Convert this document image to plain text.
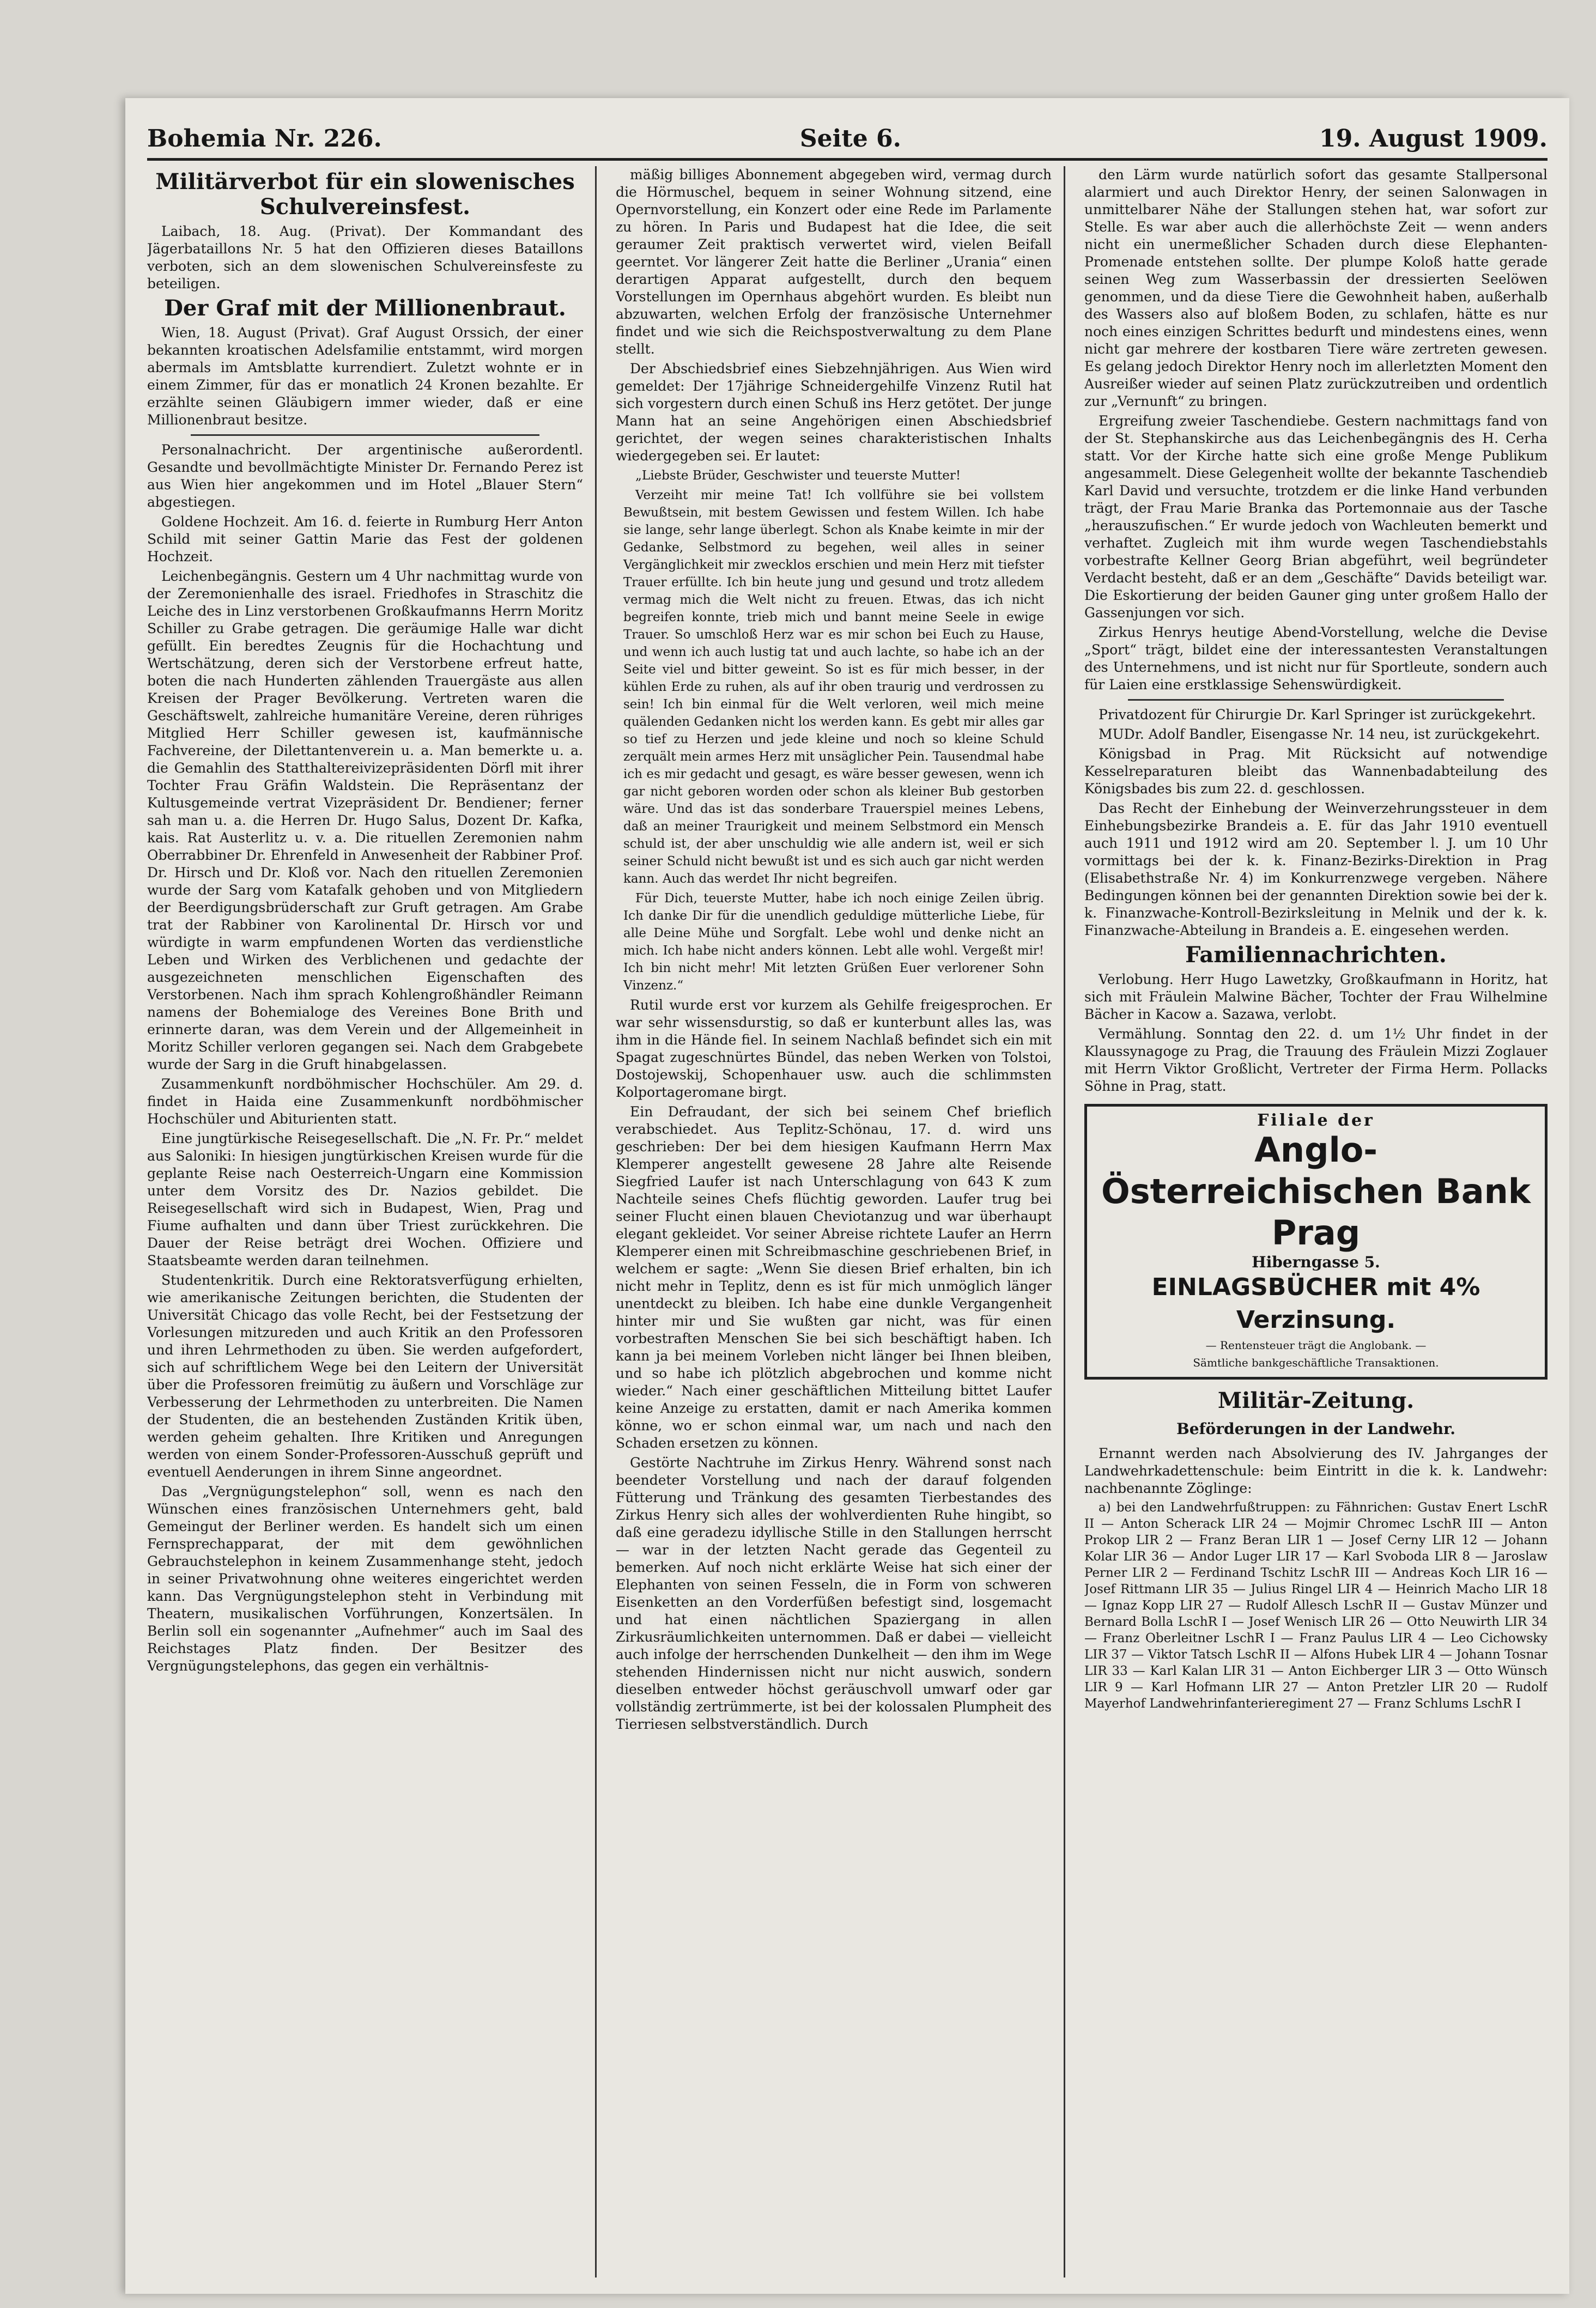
Bohemia Nr. 226.	Seite 6.	19. August 1909.
Militärverbot für ein slowenisches Schulvereinsfest.
Laibach, 18. Aug. (Privat). Der Kommandant des Jägerbataillons Nr. 5 hat den Offizieren dieses Bataillons verboten, sich an dem slowenischen Schulvereinsfeste zu beteiligen.
Der Graf mit der Millionenbraut.
Wien, 18. August (Privat). Graf August Orssich, der einer bekannten kroatischen Adelsfamilie entstammt, wird morgen abermals im Amtsblatte kurrendiert. Zuletzt wohnte er in einem Zimmer, für das er monatlich 24 Kronen bezahlte. Er erzählte seinen Gläubigern immer wieder, daß er eine Millionenbraut besitze.
Personalnachricht. Der argentinische außerordentl. Gesandte und bevollmächtigte Minister Dr. Fernando Perez ist aus Wien hier angekommen und im Hotel „Blauer Stern“ abgestiegen.
Goldene Hochzeit. Am 16. d. feierte in Rumburg Herr Anton Schild mit seiner Gattin Marie das Fest der goldenen Hochzeit.
Leichenbegängnis. Gestern um 4 Uhr nachmittag wurde von der Zeremonienhalle des israel. Friedhofes in Straschitz die Leiche des in Linz verstorbenen Großkaufmanns Herrn Moritz Schiller zu Grabe getragen. Die geräumige Halle war dicht gefüllt. Ein beredtes Zeugnis für die Hochachtung und Wertschätzung, deren sich der Verstorbene erfreut hatte, boten die nach Hunderten zählenden Trauergäste aus allen Kreisen der Prager Bevölkerung. Vertreten waren die Geschäftswelt, zahlreiche humanitäre Vereine, deren rühriges Mitglied Herr Schiller gewesen ist, kaufmännische Fachvereine, der Dilettantenverein u. a. Man bemerkte u. a. die Gemahlin des Statthaltereivizepräsidenten Dörfl mit ihrer Tochter Frau Gräfin Waldstein. Die Repräsentanz der Kultusgemeinde vertrat Vizepräsident Dr. Bendiener; ferner sah man u. a. die Herren Dr. Hugo Salus, Dozent Dr. Kafka, kais. Rat Austerlitz u. v. a. Die rituellen Zeremonien nahm Oberrabbiner Dr. Ehrenfeld in Anwesenheit der Rabbiner Prof. Dr. Hirsch und Dr. Kloß vor. Nach den rituellen Zeremonien wurde der Sarg vom Katafalk gehoben und von Mitgliedern der Beerdigungsbrüderschaft zur Gruft getragen. Am Grabe trat der Rabbiner von Karolinental Dr. Hirsch vor und würdigte in warm empfundenen Worten das verdienstliche Leben und Wirken des Verblichenen und gedachte der ausgezeichneten menschlichen Eigenschaften des Verstorbenen. Nach ihm sprach Kohlengroßhändler Reimann namens der Bohemialoge des Vereines Bone Brith und erinnerte daran, was dem Verein und der Allgemeinheit in Moritz Schiller verloren gegangen sei. Nach dem Grabgebete wurde der Sarg in die Gruft hinabgelassen.
Zusammenkunft nordböhmischer Hochschüler. Am 29. d. findet in Haida eine Zusammenkunft nordböhmischer Hochschüler und Abiturienten statt.
Eine jungtürkische Reisegesellschaft. Die „N. Fr. Pr.“ meldet aus Saloniki: In hiesigen jungtürkischen Kreisen wurde für die geplante Reise nach Oesterreich-Ungarn eine Kommission unter dem Vorsitz des Dr. Nazios gebildet. Die Reisegesellschaft wird sich in Budapest, Wien, Prag und Fiume aufhalten und dann über Triest zurückkehren. Die Dauer der Reise beträgt drei Wochen. Offiziere und Staatsbeamte werden daran teilnehmen.
Studentenkritik. Durch eine Rektoratsverfügung erhielten, wie amerikanische Zeitungen berichten, die Studenten der Universität Chicago das volle Recht, bei der Festsetzung der Vorlesungen mitzureden und auch Kritik an den Professoren und ihren Lehrmethoden zu üben. Sie werden aufgefordert, sich auf schriftlichem Wege bei den Leitern der Universität über die Professoren freimütig zu äußern und Vorschläge zur Verbesserung der Lehrmethoden zu unterbreiten. Die Namen der Studenten, die an bestehenden Zuständen Kritik üben, werden geheim gehalten. Ihre Kritiken und Anregungen werden von einem Sonder-Professoren-Ausschuß geprüft und eventuell Aenderungen in ihrem Sinne angeordnet.
Das „Vergnügungstelephon“ soll, wenn es nach den Wünschen eines französischen Unternehmers geht, bald Gemeingut der Berliner werden. Es handelt sich um einen Fernsprechapparat, der mit dem gewöhnlichen Gebrauchstelephon in keinem Zusammenhange steht, jedoch in seiner Privatwohnung ohne weiteres eingerichtet werden kann. Das Vergnügungstelephon steht in Verbindung mit Theatern, musikalischen Vorführungen, Konzertsälen. In Berlin soll ein sogenannter „Aufnehmer“ auch im Saal des Reichstages Platz finden. Der Besitzer des Vergnügungstelephons, das gegen ein verhältnis-
mäßig billiges Abonnement abgegeben wird, vermag durch die Hörmuschel, bequem in seiner Wohnung sitzend, eine Opernvorstellung, ein Konzert oder eine Rede im Parlamente zu hören. In Paris und Budapest hat die Idee, die seit geraumer Zeit praktisch verwertet wird, vielen Beifall geerntet. Vor längerer Zeit hatte die Berliner „Urania“ einen derartigen Apparat aufgestellt, durch den bequem Vorstellungen im Opernhaus abgehört wurden. Es bleibt nun abzuwarten, welchen Erfolg der französische Unternehmer findet und wie sich die Reichspostverwaltung zu dem Plane stellt.
Der Abschiedsbrief eines Siebzehnjährigen. Aus Wien wird gemeldet: Der 17jährige Schneidergehilfe Vinzenz Rutil hat sich vorgestern durch einen Schuß ins Herz getötet. Der junge Mann hat an seine Angehörigen einen Abschiedsbrief gerichtet, der wegen seines charakteristischen Inhalts wiedergegeben sei. Er lautet:
„Liebste Brüder, Geschwister und teuerste Mutter!
Verzeiht mir meine Tat! Ich vollführe sie bei vollstem Bewußtsein, mit bestem Gewissen und festem Willen. Ich habe sie lange, sehr lange überlegt. Schon als Knabe keimte in mir der Gedanke, Selbstmord zu begehen, weil alles in seiner Vergänglichkeit mir zwecklos erschien und mein Herz mit tiefster Trauer erfüllte. Ich bin heute jung und gesund und trotz alledem vermag mich die Welt nicht zu freuen. Etwas, das ich nicht begreifen konnte, trieb mich und bannt meine Seele in ewige Trauer. So umschloß Herz war es mir schon bei Euch zu Hause, und wenn ich auch lustig tat und auch lachte, so habe ich an der Seite viel und bitter geweint. So ist es für mich besser, in der kühlen Erde zu ruhen, als auf ihr oben traurig und verdrossen zu sein! Ich bin einmal für die Welt verloren, weil mich meine quälenden Gedanken nicht los werden kann. Es gebt mir alles gar so tief zu Herzen und jede kleine und noch so kleine Schuld zerquält mein armes Herz mit unsäglicher Pein. Tausendmal habe ich es mir gedacht und gesagt, es wäre besser gewesen, wenn ich gar nicht geboren worden oder schon als kleiner Bub gestorben wäre. Und das ist das sonderbare Trauerspiel meines Lebens, daß an meiner Traurigkeit und meinem Selbstmord ein Mensch schuld ist, der aber unschuldig wie alle andern ist, weil er sich seiner Schuld nicht bewußt ist und es sich auch gar nicht werden kann. Auch das werdet Ihr nicht begreifen.
Für Dich, teuerste Mutter, habe ich noch einige Zeilen übrig. Ich danke Dir für die unendlich geduldige mütterliche Liebe, für alle Deine Mühe und Sorgfalt. Lebe wohl und denke nicht an mich. Ich habe nicht anders können. Lebt alle wohl. Vergeßt mir! Ich bin nicht mehr! Mit letzten Grüßen Euer verlorener Sohn Vinzenz.“
Rutil wurde erst vor kurzem als Gehilfe freigesprochen. Er war sehr wissensdurstig, so daß er kunterbunt alles las, was ihm in die Hände fiel. In seinem Nachlaß befindet sich ein mit Spagat zugeschnürtes Bündel, das neben Werken von Tolstoi, Dostojewskij, Schopenhauer usw. auch die schlimmsten Kolportageromane birgt.
Ein Defraudant, der sich bei seinem Chef brieflich verabschiedet. Aus Teplitz-Schönau, 17. d. wird uns geschrieben: Der bei dem hiesigen Kaufmann Herrn Max Klemperer angestellt gewesene 28 Jahre alte Reisende Siegfried Laufer ist nach Unterschlagung von 643 K zum Nachteile seines Chefs flüchtig geworden. Laufer trug bei seiner Flucht einen blauen Cheviotanzug und war überhaupt elegant gekleidet. Vor seiner Abreise richtete Laufer an Herrn Klemperer einen mit Schreibmaschine geschriebenen Brief, in welchem er sagte: „Wenn Sie diesen Brief erhalten, bin ich nicht mehr in Teplitz, denn es ist für mich unmöglich länger unentdeckt zu bleiben. Ich habe eine dunkle Vergangenheit hinter mir und Sie wußten gar nicht, was für einen vorbestraften Menschen Sie bei sich beschäftigt haben. Ich kann ja bei meinem Vorleben nicht länger bei Ihnen bleiben, und so habe ich plötzlich abgebrochen und komme nicht wieder.“ Nach einer geschäftlichen Mitteilung bittet Laufer keine Anzeige zu erstatten, damit er nach Amerika kommen könne, wo er schon einmal war, um nach und nach den Schaden ersetzen zu können.
Gestörte Nachtruhe im Zirkus Henry. Während sonst nach beendeter Vorstellung und nach der darauf folgenden Fütterung und Tränkung des gesamten Tierbestandes des Zirkus Henry sich alles der wohlverdienten Ruhe hingibt, so daß eine geradezu idyllische Stille in den Stallungen herrscht — war in der letzten Nacht gerade das Gegenteil zu bemerken. Auf noch nicht erklärte Weise hat sich einer der Elephanten von seinen Fesseln, die in Form von schweren Eisenketten an den Vorderfüßen befestigt sind, losgemacht und hat einen nächtlichen Spaziergang in allen Zirkusräumlichkeiten unternommen. Daß er dabei — vielleicht auch infolge der herrschenden Dunkelheit — den ihm im Wege stehenden Hindernissen nicht nur nicht auswich, sondern dieselben entweder höchst geräuschvoll umwarf oder gar vollständig zertrümmerte, ist bei der kolossalen Plumpheit des Tierriesen selbstverständlich. Durch
den Lärm wurde natürlich sofort das gesamte Stallpersonal alarmiert und auch Direktor Henry, der seinen Salonwagen in unmittelbarer Nähe der Stallungen stehen hat, war sofort zur Stelle. Es war aber auch die allerhöchste Zeit — wenn anders nicht ein unermeßlicher Schaden durch diese Elephanten-Promenade entstehen sollte. Der plumpe Koloß hatte gerade seinen Weg zum Wasserbassin der dressierten Seelöwen genommen, und da diese Tiere die Gewohnheit haben, außerhalb des Wassers also auf bloßem Boden, zu schlafen, hätte es nur noch eines einzigen Schrittes bedurft und mindestens eines, wenn nicht gar mehrere der kostbaren Tiere wäre zertreten gewesen. Es gelang jedoch Direktor Henry noch im allerletzten Moment den Ausreißer wieder auf seinen Platz zurückzutreiben und ordentlich zur „Vernunft“ zu bringen.
Ergreifung zweier Taschendiebe. Gestern nachmittags fand von der St. Stephanskirche aus das Leichenbegängnis des H. Cerha statt. Vor der Kirche hatte sich eine große Menge Publikum angesammelt. Diese Gelegenheit wollte der bekannte Taschendieb Karl David und versuchte, trotzdem er die linke Hand verbunden trägt, der Frau Marie Branka das Portemonnaie aus der Tasche „herauszufischen.“ Er wurde jedoch von Wachleuten bemerkt und verhaftet. Zugleich mit ihm wurde wegen Taschendiebstahls vorbestrafte Kellner Georg Brian abgeführt, weil begründeter Verdacht besteht, daß er an dem „Geschäfte“ Davids beteiligt war. Die Eskortierung der beiden Gauner ging unter großem Hallo der Gassenjungen vor sich.
Zirkus Henrys heutige Abend-Vorstellung, welche die Devise „Sport“ trägt, bildet eine der interessantesten Veranstaltungen des Unternehmens, und ist nicht nur für Sportleute, sondern auch für Laien eine erstklassige Sehenswürdigkeit.
Privatdozent für Chirurgie Dr. Karl Springer ist zurückgekehrt.
MUDr. Adolf Bandler, Eisengasse Nr. 14 neu, ist zurückgekehrt.
Königsbad in Prag. Mit Rücksicht auf notwendige Kesselreparaturen bleibt das Wannenbadabteilung des Königsbades bis zum 22. d. geschlossen.
Das Recht der Einhebung der Weinverzehrungssteuer in dem Einhebungsbezirke Brandeis a. E. für das Jahr 1910 eventuell auch 1911 und 1912 wird am 20. September l. J. um 10 Uhr vormittags bei der k. k. Finanz-Bezirks-Direktion in Prag (Elisabethstraße Nr. 4) im Konkurrenzwege vergeben. Nähere Bedingungen können bei der genannten Direktion sowie bei der k. k. Finanzwache-Kontroll-Bezirksleitung in Melnik und der k. k. Finanzwache-Abteilung in Brandeis a. E. eingesehen werden.
Familiennachrichten.
Verlobung. Herr Hugo Lawetzky, Großkaufmann in Horitz, hat sich mit Fräulein Malwine Bächer, Tochter der Frau Wilhelmine Bächer in Kacow a. Sazawa, verlobt.
Vermählung. Sonntag den 22. d. um 1½ Uhr findet in der Klaussynagoge zu Prag, die Trauung des Fräulein Mizzi Zoglauer mit Herrn Viktor Großlicht, Vertreter der Firma Herm. Pollacks Söhne in Prag, statt.
Filiale der
Anglo-Österreichischen Bank Prag
Hiberngasse 5.
EINLAGSBÜCHER mit 4% Verzinsung.
— Rentensteuer trägt die Anglobank. —
Sämtliche bankgeschäftliche Transaktionen.
Militär-Zeitung.
Beförderungen in der Landwehr.
Ernannt werden nach Absolvierung des IV. Jahrganges der Landwehrkadettenschule: beim Eintritt in die k. k. Landwehr: nachbenannte Zöglinge:
a) bei den Landwehrfußtruppen: zu Fähnrichen: Gustav Enert LschR II — Anton Scherack LIR 24 — Mojmir Chromec LschR III — Anton Prokop LIR 2 — Franz Beran LIR 1 — Josef Cerny LIR 12 — Johann Kolar LIR 36 — Andor Luger LIR 17 — Karl Svoboda LIR 8 — Jaroslaw Perner LIR 2 — Ferdinand Tschitz LschR III — Andreas Koch LIR 16 — Josef Rittmann LIR 35 — Julius Ringel LIR 4 — Heinrich Macho LIR 18 — Ignaz Kopp LIR 27 — Rudolf Allesch LschR II — Gustav Münzer und Bernard Bolla LschR I — Josef Wenisch LIR 26 — Otto Neuwirth LIR 34 — Franz Oberleitner LschR I — Franz Paulus LIR 4 — Leo Cichowsky LIR 37 — Viktor Tatsch LschR II — Alfons Hubek LIR 4 — Johann Tosnar LIR 33 — Karl Kalan LIR 31 — Anton Eichberger LIR 3 — Otto Wünsch LIR 9 — Karl Hofmann LIR 27 — Anton Pretzler LIR 20 — Rudolf Mayerhof Landwehrinfanterieregiment 27 — Franz Schlums LschR I
